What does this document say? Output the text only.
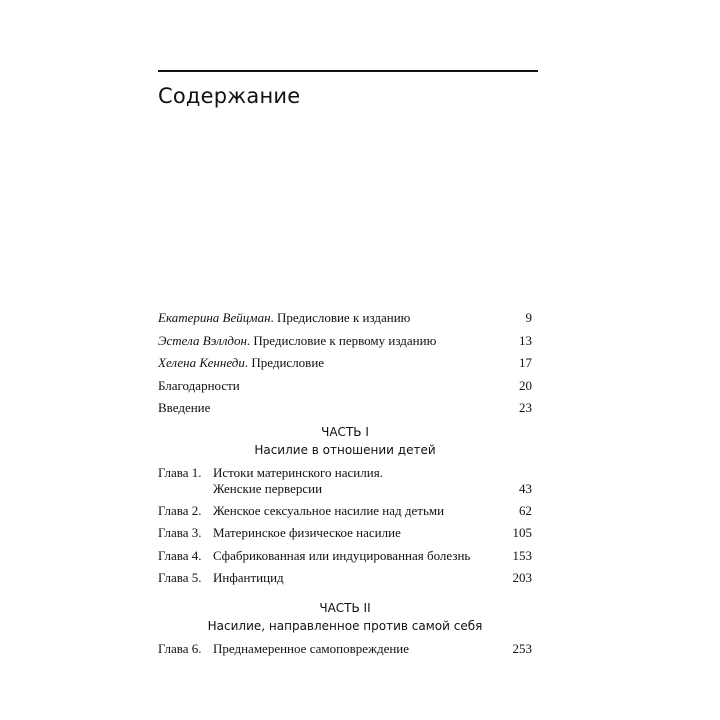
Содержание
Екатерина Вейцман. Предисловие к изданию	9
Эстела Вэллдон. Предисловие к первому изданию	13
Хелена Кеннеди. Предисловие	17
Благодарности	20
Введение	23
ЧАСТЬ I
Насилие в отношении детей
Глава 1. Истоки материнского насилия.
Женские перверсии	43
Глава 2. Женское сексуальное насилие над детьми	62
Глава 3. Материнское физическое насилие	105
Глава 4. Сфабрикованная или индуцированная болезнь	153
Глава 5. Инфантицид	203
ЧАСТЬ II
Насилие, направленное против самой себя
Глава 6. Преднамеренное самоповреждение	253
